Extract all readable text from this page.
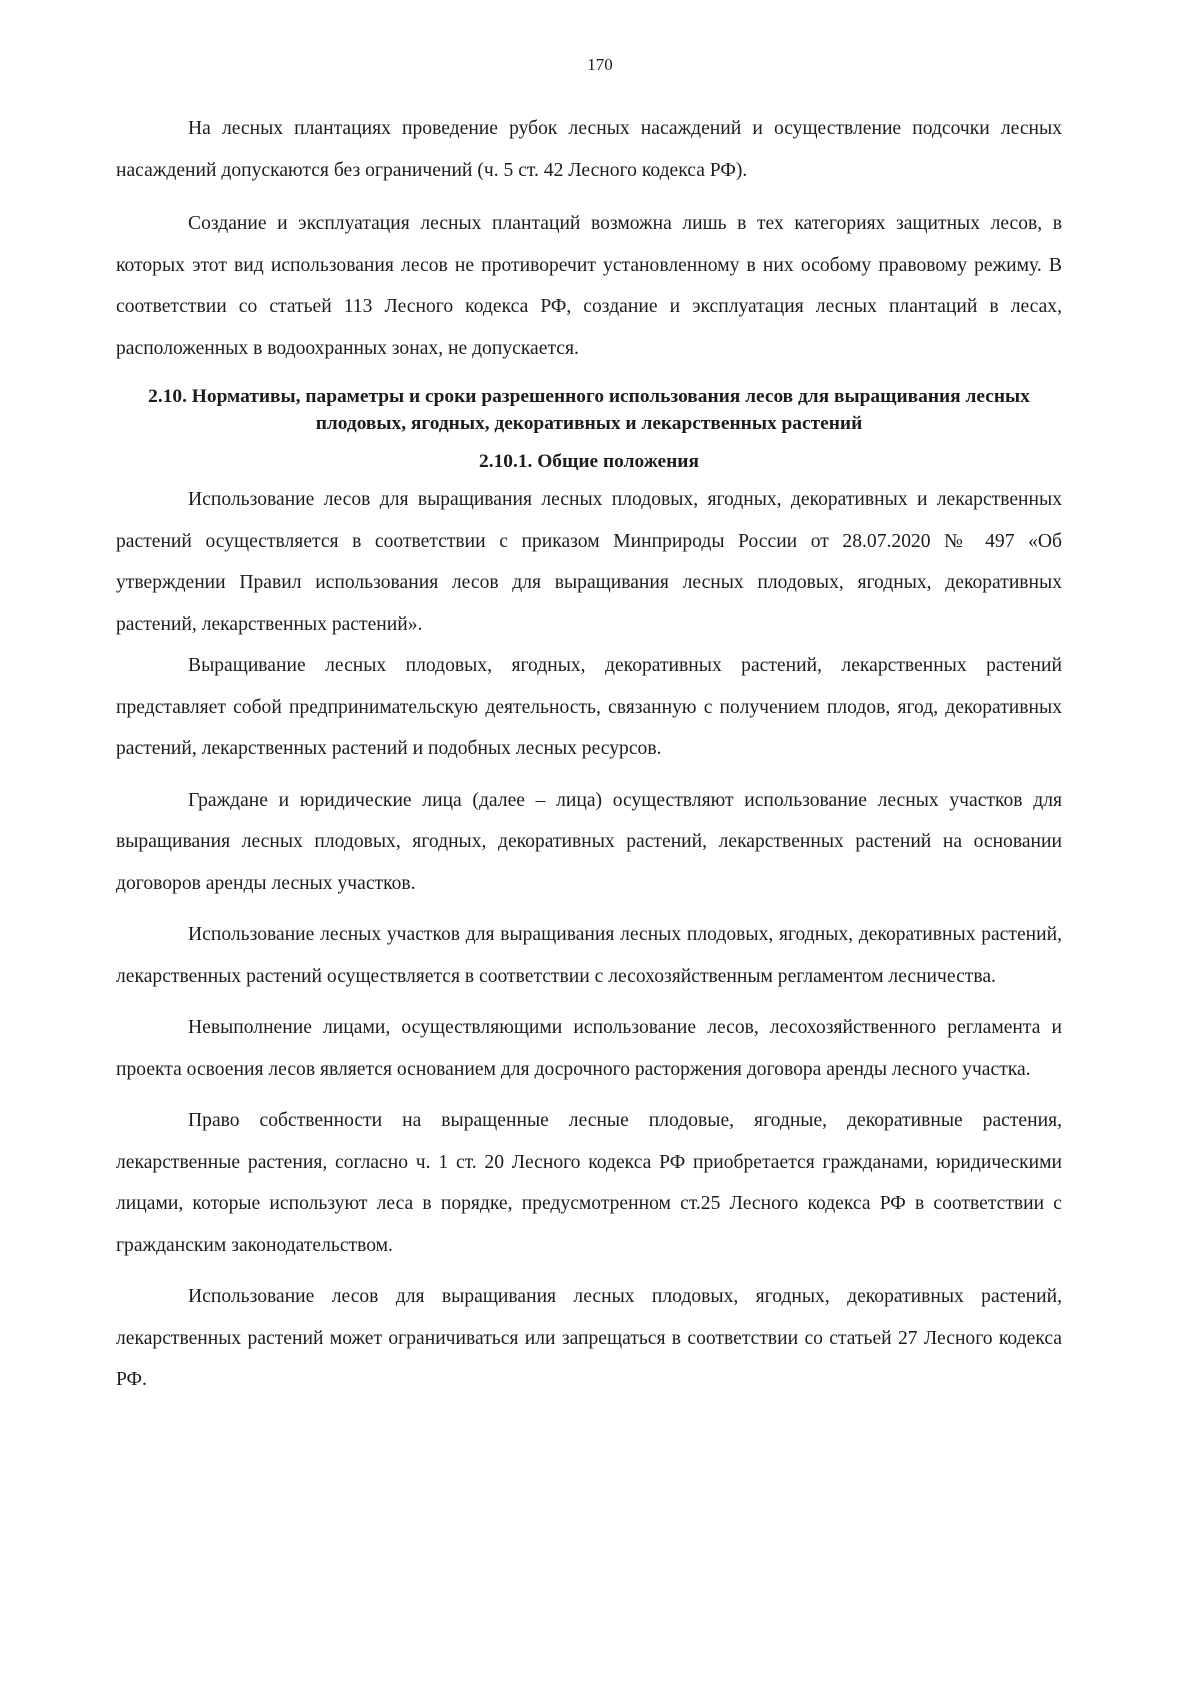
170

На лесных плантациях проведение рубок лесных насаждений и осуществление подсочки лесных насаждений допускаются без ограничений (ч. 5 ст. 42 Лесного кодекса РФ).

Создание и эксплуатация лесных плантаций возможна лишь в тех категориях защитных лесов, в которых этот вид использования лесов не противоречит установленному в них особому правовому режиму. В соответствии со статьей 113 Лесного кодекса РФ, создание и эксплуатация лесных плантаций в лесах, расположенных в водоохранных зонах, не допускается.

2.10. Нормативы, параметры и сроки разрешенного использования лесов для выращивания лесных плодовых, ягодных, декоративных и лекарственных растений
2.10.1. Общие положения

Использование лесов для выращивания лесных плодовых, ягодных, декоративных и лекарственных растений осуществляется в соответствии с приказом Минприроды России от 28.07.2020 № 497 «Об утверждении Правил использования лесов для выращивания лесных плодовых, ягодных, декоративных растений, лекарственных растений».

Выращивание лесных плодовых, ягодных, декоративных растений, лекарственных растений представляет собой предпринимательскую деятельность, связанную с получением плодов, ягод, декоративных растений, лекарственных растений и подобных лесных ресурсов.

Граждане и юридические лица (далее – лица) осуществляют использование лесных участков для выращивания лесных плодовых, ягодных, декоративных растений, лекарственных растений на основании договоров аренды лесных участков.

Использование лесных участков для выращивания лесных плодовых, ягодных, декоративных растений, лекарственных растений осуществляется в соответствии с лесохозяйственным регламентом лесничества.

Невыполнение лицами, осуществляющими использование лесов, лесохозяйственного регламента и проекта освоения лесов является основанием для досрочного расторжения договора аренды лесного участка.

Право собственности на выращенные лесные плодовые, ягодные, декоративные растения, лекарственные растения, согласно ч. 1 ст. 20 Лесного кодекса РФ приобретается гражданами, юридическими лицами, которые используют леса в порядке, предусмотренном ст.25 Лесного кодекса РФ в соответствии с гражданским законодательством.

Использование лесов для выращивания лесных плодовых, ягодных, декоративных растений, лекарственных растений может ограничиваться или запрещаться в соответствии со статьей 27 Лесного кодекса РФ.
